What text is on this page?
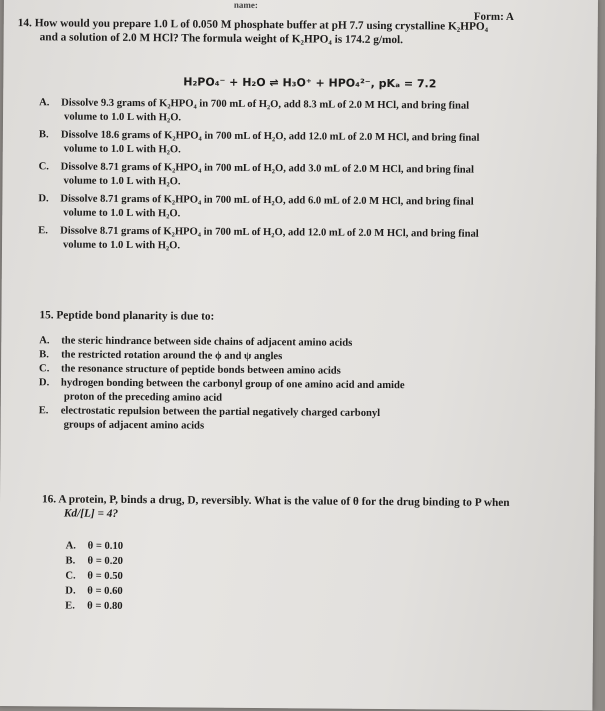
name:
Form: A
14. How would you prepare 1.0 L of 0.050 M phosphate buffer at pH 7.7 using crystalline K₂HPO₄
and a solution of 2.0 M HCl? The formula weight of K₂HPO₄ is 174.2 g/mol.
H₂PO₄⁻ + H₂O ⇌ H₃O⁺ + HPO₄²⁻, pKₐ = 7.2
A. Dissolve 9.3 grams of K₂HPO₄ in 700 mL of H₂O, add 8.3 mL of 2.0 M HCl, and bring final
volume to 1.0 L with H₂O.
B. Dissolve 18.6 grams of K₂HPO₄ in 700 mL of H₂O, add 12.0 mL of 2.0 M HCl, and bring final
volume to 1.0 L with H₂O.
C. Dissolve 8.71 grams of K₂HPO₄ in 700 mL of H₂O, add 3.0 mL of 2.0 M HCl, and bring final
volume to 1.0 L with H₂O.
D. Dissolve 8.71 grams of K₂HPO₄ in 700 mL of H₂O, add 6.0 mL of 2.0 M HCl, and bring final
volume to 1.0 L with H₂O.
E. Dissolve 8.71 grams of K₂HPO₄ in 700 mL of H₂O, add 12.0 mL of 2.0 M HCl, and bring final
volume to 1.0 L with H₂O.
15. Peptide bond planarity is due to:
A. the steric hindrance between side chains of adjacent amino acids
B. the restricted rotation around the ϕ and ψ angles
C. the resonance structure of peptide bonds between amino acids
D. hydrogen bonding between the carbonyl group of one amino acid and amide
proton of the preceding amino acid
E. electrostatic repulsion between the partial negatively charged carbonyl
groups of adjacent amino acids
16. A protein, P, binds a drug, D, reversibly. What is the value of θ for the drug binding to P when
Kd/[L] = 4?
A. θ = 0.10
B. θ = 0.20
C. θ = 0.50
D. θ = 0.60
E. θ = 0.80
